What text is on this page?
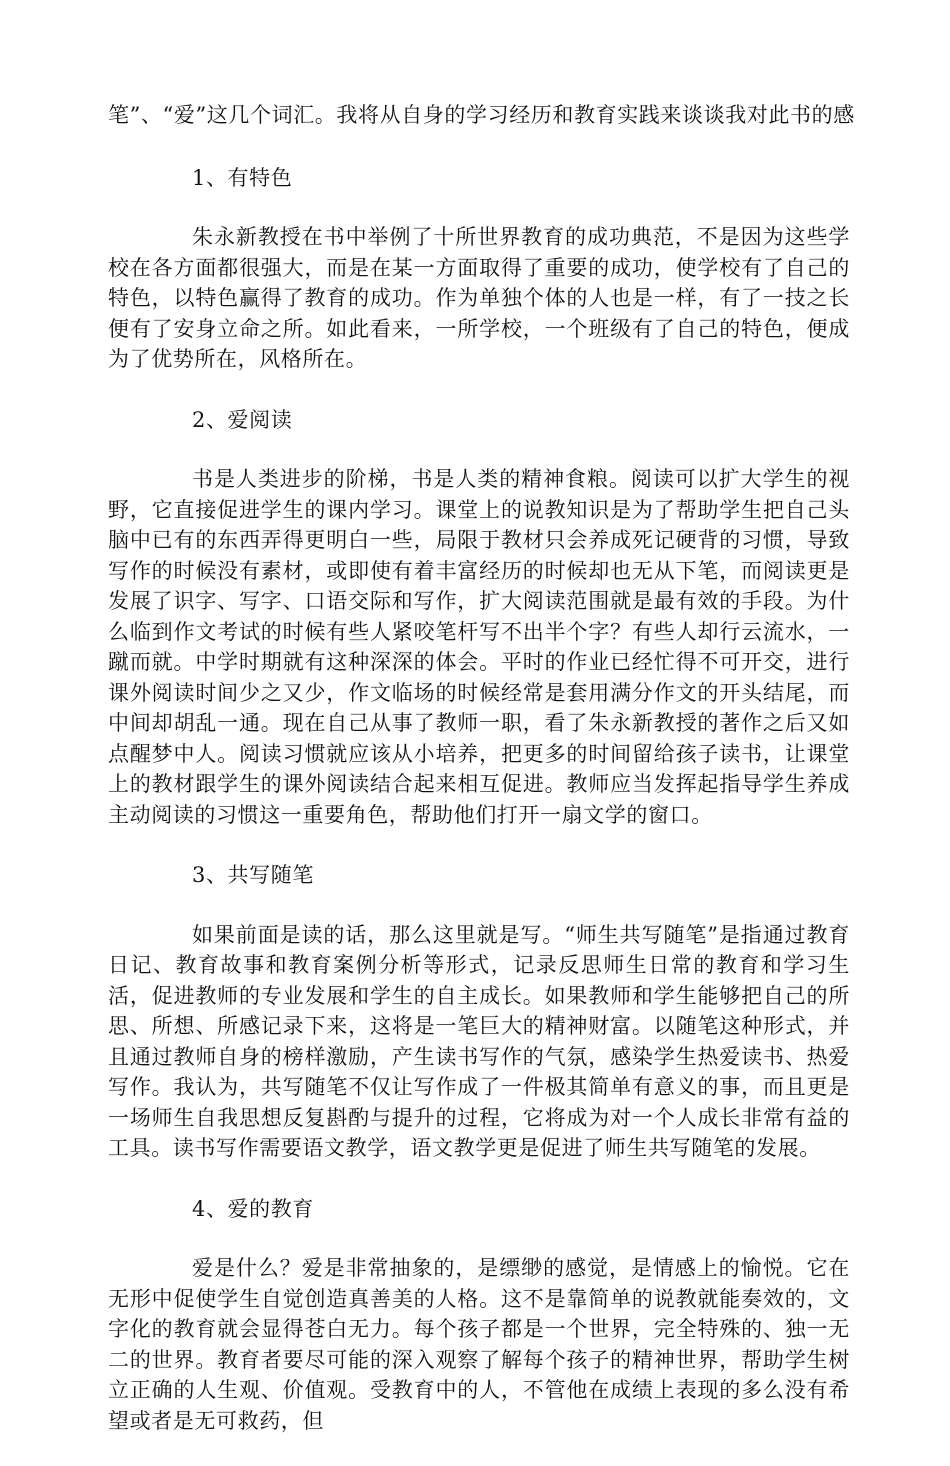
笔”、“爱”这几个词汇。我将从自身的学习经历和教育实践来谈谈我对此书的感

1、有特色

朱永新教授在书中举例了十所世界教育的成功典范，不是因为这些学校在各方面都很强大，而是在某一方面取得了重要的成功，使学校有了自己的特色，以特色赢得了教育的成功。作为单独个体的人也是一样，有了一技之长便有了安身立命之所。如此看来，一所学校，一个班级有了自己的特色，便成为了优势所在，风格所在。

2、爱阅读

书是人类进步的阶梯，书是人类的精神食粮。阅读可以扩大学生的视野，它直接促进学生的课内学习。课堂上的说教知识是为了帮助学生把自己头脑中已有的东西弄得更明白一些，局限于教材只会养成死记硬背的习惯，导致写作的时候没有素材，或即使有着丰富经历的时候却也无从下笔，而阅读更是发展了识字、写字、口语交际和写作，扩大阅读范围就是最有效的手段。为什么临到作文考试的时候有些人紧咬笔杆写不出半个字？有些人却行云流水，一蹴而就。中学时期就有这种深深的体会。平时的作业已经忙得不可开交，进行课外阅读时间少之又少，作文临场的时候经常是套用满分作文的开头结尾，而中间却胡乱一通。现在自己从事了教师一职，看了朱永新教授的著作之后又如点醒梦中人。阅读习惯就应该从小培养，把更多的时间留给孩子读书，让课堂上的教材跟学生的课外阅读结合起来相互促进。教师应当发挥起指导学生养成主动阅读的习惯这一重要角色，帮助他们打开一扇文学的窗口。

3、共写随笔

如果前面是读的话，那么这里就是写。“师生共写随笔”是指通过教育日记、教育故事和教育案例分析等形式，记录反思师生日常的教育和学习生活，促进教师的专业发展和学生的自主成长。如果教师和学生能够把自己的所思、所想、所感记录下来，这将是一笔巨大的精神财富。以随笔这种形式，并且通过教师自身的榜样激励，产生读书写作的气氛，感染学生热爱读书、热爱写作。我认为，共写随笔不仅让写作成了一件极其简单有意义的事，而且更是一场师生自我思想反复斟酌与提升的过程，它将成为对一个人成长非常有益的工具。读书写作需要语文教学，语文教学更是促进了师生共写随笔的发展。

4、爱的教育

爱是什么？爱是非常抽象的，是缥缈的感觉，是情感上的愉悦。它在无形中促使学生自觉创造真善美的人格。这不是靠简单的说教就能奏效的，文字化的教育就会显得苍白无力。每个孩子都是一个世界，完全特殊的、独一无二的世界。教育者要尽可能的深入观察了解每个孩子的精神世界，帮助学生树立正确的人生观、价值观。受教育中的人，不管他在成绩上表现的多么没有希望或者是无可救药，但
